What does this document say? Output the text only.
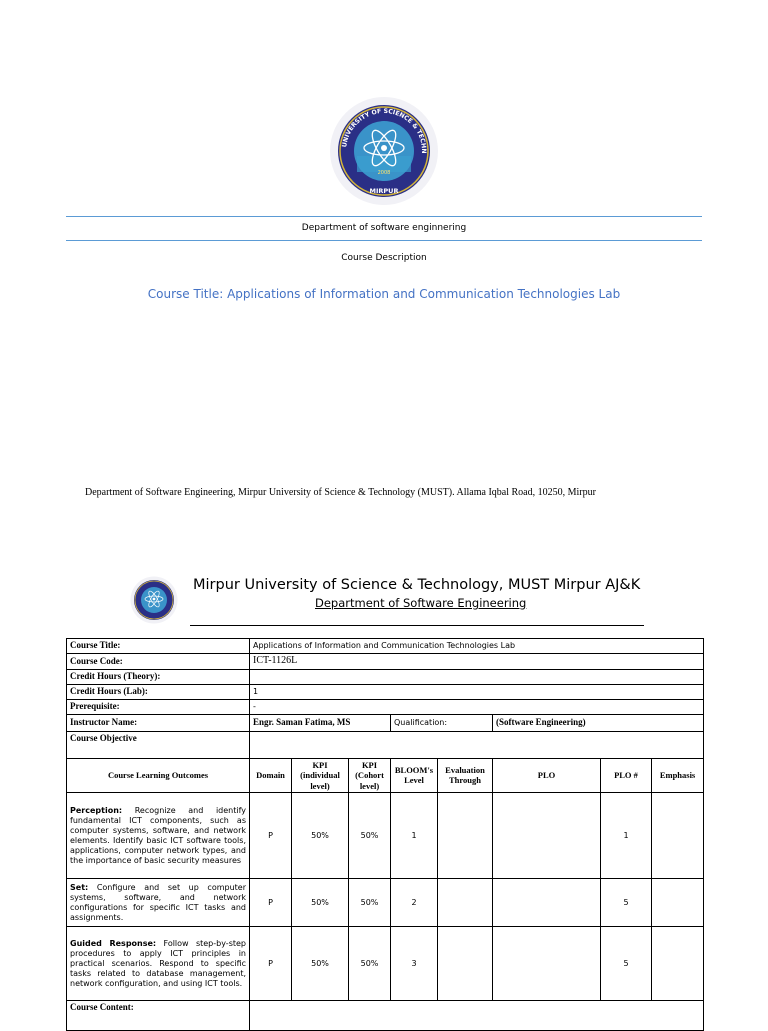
UNIVERSITY OF SCIENCE & TECHN
MIRPUR
2008
Department of software enginnering
Course Description
Course Title: Applications of Information and Communication Technologies Lab
Department of Software Engineering, Mirpur University of Science & Technology (MUST). Allama Iqbal Road, 10250, Mirpur
Mirpur University of Science & Technology, MUST Mirpur AJ&K
Department of Software Engineering
Course Title:	Applications of Information and Communication Technologies Lab							
Course Code:	ICT-1126L							
Credit Hours (Theory):								
Credit Hours (Lab):	1							
Prerequisite:	-							
Instructor Name:	Engr. Saman Fatima, MS			Qualification:		(Software Engineering)		
Course Objective								
Course Learning Outcomes	Domain	KPI (individual level)	KPI (Cohort level)	BLOOM's Level	Evaluation Through	PLO	PLO #	Emphasis
Perception: Recognize and identify fundamental ICT components, such as computer systems, software, and network elements. Identify basic ICT software tools, applications, computer network types, and the importance of basic security measures	P	50%	50%	1			1	
Set: Configure and set up computer systems, software, and network configurations for specific ICT tasks and assignments.	P	50%	50%	2			5	
Guided Response: Follow step-by-step procedures to apply ICT principles in practical scenarios. Respond to specific tasks related to database management, network configuration, and using ICT tools.	P	50%	50%	3			5	
Course Content:								
